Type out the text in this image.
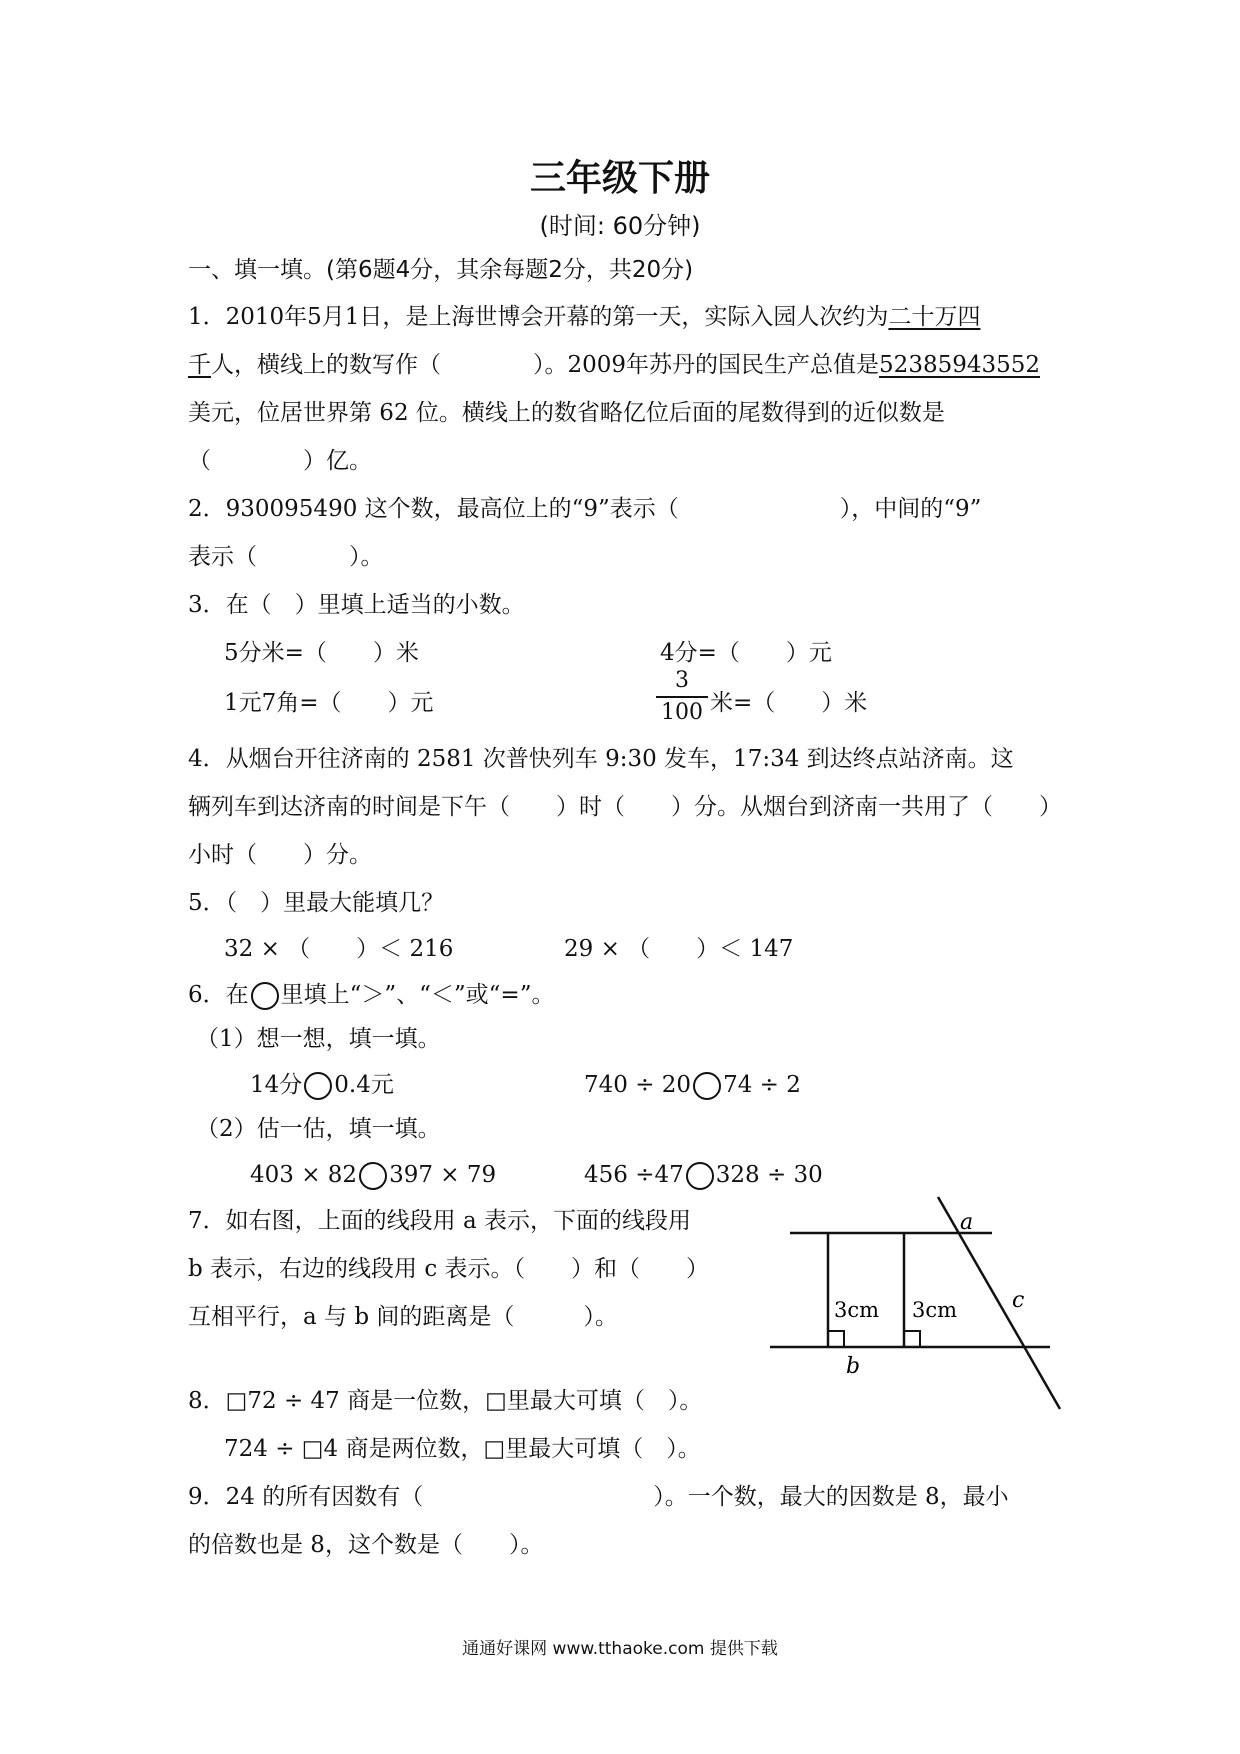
三年级下册
(时间: 60分钟)
一、填一填。(第6题4分，其余每题2分，共20分)
1．2010年5月1日，是上海世博会开幕的第一天，实际入园人次约为二十万四
千人，横线上的数写作（　　　　）。2009年苏丹的国民生产总值是52385943552
美元，位居世界第 62 位。横线上的数省略亿位后面的尾数得到的近似数是
（　　　　）亿。
2．930095490 这个数，最高位上的“9”表示（　　　　　　　），中间的“9”
表示（　　　　）。
3．在（　）里填上适当的小数。
5分米=（　　）米	4分=（　　）元
1元7角=（　　）元
3
100 米=（　　）米
4．从烟台开往济南的 2581 次普快列车 9:30 发车，17:34 到达终点站济南。这
辆列车到达济南的时间是下午（　　）时（　　）分。从烟台到济南一共用了（　　）
小时（　　）分。
5．（　）里最大能填几？
32 × （　　）＜ 216	29 × （　　）＜ 147
6．在 里填上“＞”、“＜”或“=”。
（1）想一想，填一填。
14分 0.4元	740 ÷ 20 74 ÷ 2
（2）估一估，填一填。
403 × 82 397 × 79	456 ÷47 328 ÷ 30
7．如右图，上面的线段用 a 表示，下面的线段用
b 表示，右边的线段用 c 表示。（　　）和（　　）
互相平行，a 与 b 间的距离是（　　　）。
a
b
c
3cm 3cm
8．□72 ÷ 47 商是一位数，□里最大可填（　）。
724 ÷ □4 商是两位数，□里最大可填（　）。
9．24 的所有因数有（　　　　　　　　　　）。一个数，最大的因数是 8，最小
的倍数也是 8，这个数是（　　）。
通通好课网 www.tthaoke.com 提供下载
